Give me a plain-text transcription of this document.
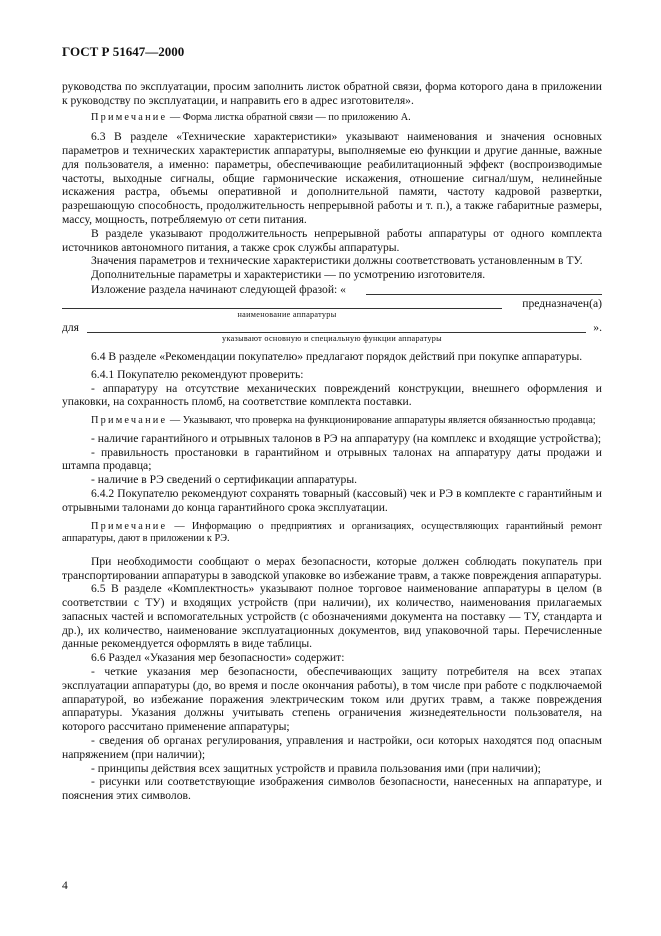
ГОСТ Р 51647—2000

руководства по эксплуатации, просим заполнить листок обратной связи, форма которого дана в приложении к руководству по эксплуатации, и направить его в адрес изготовителя».

Примечание — Форма листка обратной связи — по приложению А.

6.3 В разделе «Технические характеристики» указывают наименования и значения основных параметров и технических характеристик аппаратуры, выполняемые ею функции и другие данные, важные для пользователя, а именно: параметры, обеспечивающие реабилитационный эффект (воспроизводимые частоты, выходные сигналы, общие гармонические искажения, отношение сигнал/шум, нелинейные искажения растра, объемы оперативной и дополнительной памяти, частоту кадровой развертки, разрешающую способность, продолжительность непрерывной работы и т. п.), а также габаритные размеры, массу, мощность, потребляемую от сети питания.

В разделе указывают продолжительность непрерывной работы аппаратуры от одного комплекта источников автономного питания, а также срок службы аппаратуры.

Значения параметров и технические характеристики должны соответствовать установленным в ТУ.

Дополнительные параметры и характеристики — по усмотрению изготовителя.

Изложение раздела начинают следующей фразой: «
предназначен(а)
наименование аппаратуры
для	».
указывают основную и специальную функции аппаратуры

6.4 В разделе «Рекомендации покупателю» предлагают порядок действий при покупке аппаратуры.

6.4.1 Покупателю рекомендуют проверить:

- аппаратуру на отсутствие механических повреждений конструкции, внешнего оформления и упаковки, на сохранность пломб, на соответствие комплекта поставки.

Примечание — Указывают, что проверка на функционирование аппаратуры является обязанностью продавца;

- наличие гарантийного и отрывных талонов в РЭ на аппаратуру (на комплекс и входящие устройства);

- правильность простановки в гарантийном и отрывных талонах на аппаратуру даты продажи и штампа продавца;

- наличие в РЭ сведений о сертификации аппаратуры.

6.4.2 Покупателю рекомендуют сохранять товарный (кассовый) чек и РЭ в комплекте с гарантийным и отрывными талонами до конца гарантийного срока эксплуатации.

Примечание — Информацию о предприятиях и организациях, осуществляющих гарантийный ремонт аппаратуры, дают в приложении к РЭ.

При необходимости сообщают о мерах безопасности, которые должен соблюдать покупатель при транспортировании аппаратуры в заводской упаковке во избежание травм, а также повреждения аппаратуры.

6.5 В разделе «Комплектность» указывают полное торговое наименование аппаратуры в целом (в соответствии с ТУ) и входящих устройств (при наличии), их количество, наименования прилагаемых запасных частей и вспомогательных устройств (с обозначениями документа на поставку — ТУ, стандарта и др.), их количество, наименование эксплуатационных документов, вид упаковочной тары. Перечисленные данные рекомендуется оформлять в виде таблицы.

6.6 Раздел «Указания мер безопасности» содержит:

- четкие указания мер безопасности, обеспечивающих защиту потребителя на всех этапах эксплуатации аппаратуры (до, во время и после окончания работы), в том числе при работе с подключаемой аппаратурой, во избежание поражения электрическим током или других травм, а также повреждения аппаратуры. Указания должны учитывать степень ограничения жизнедеятельности пользователя, на которого рассчитано применение аппаратуры;

- сведения об органах регулирования, управления и настройки, оси которых находятся под опасным напряжением (при наличии);

- принципы действия всех защитных устройств и правила пользования ими (при наличии);

- рисунки или соответствующие изображения символов безопасности, нанесенных на аппаратуре, и пояснения этих символов.

4
